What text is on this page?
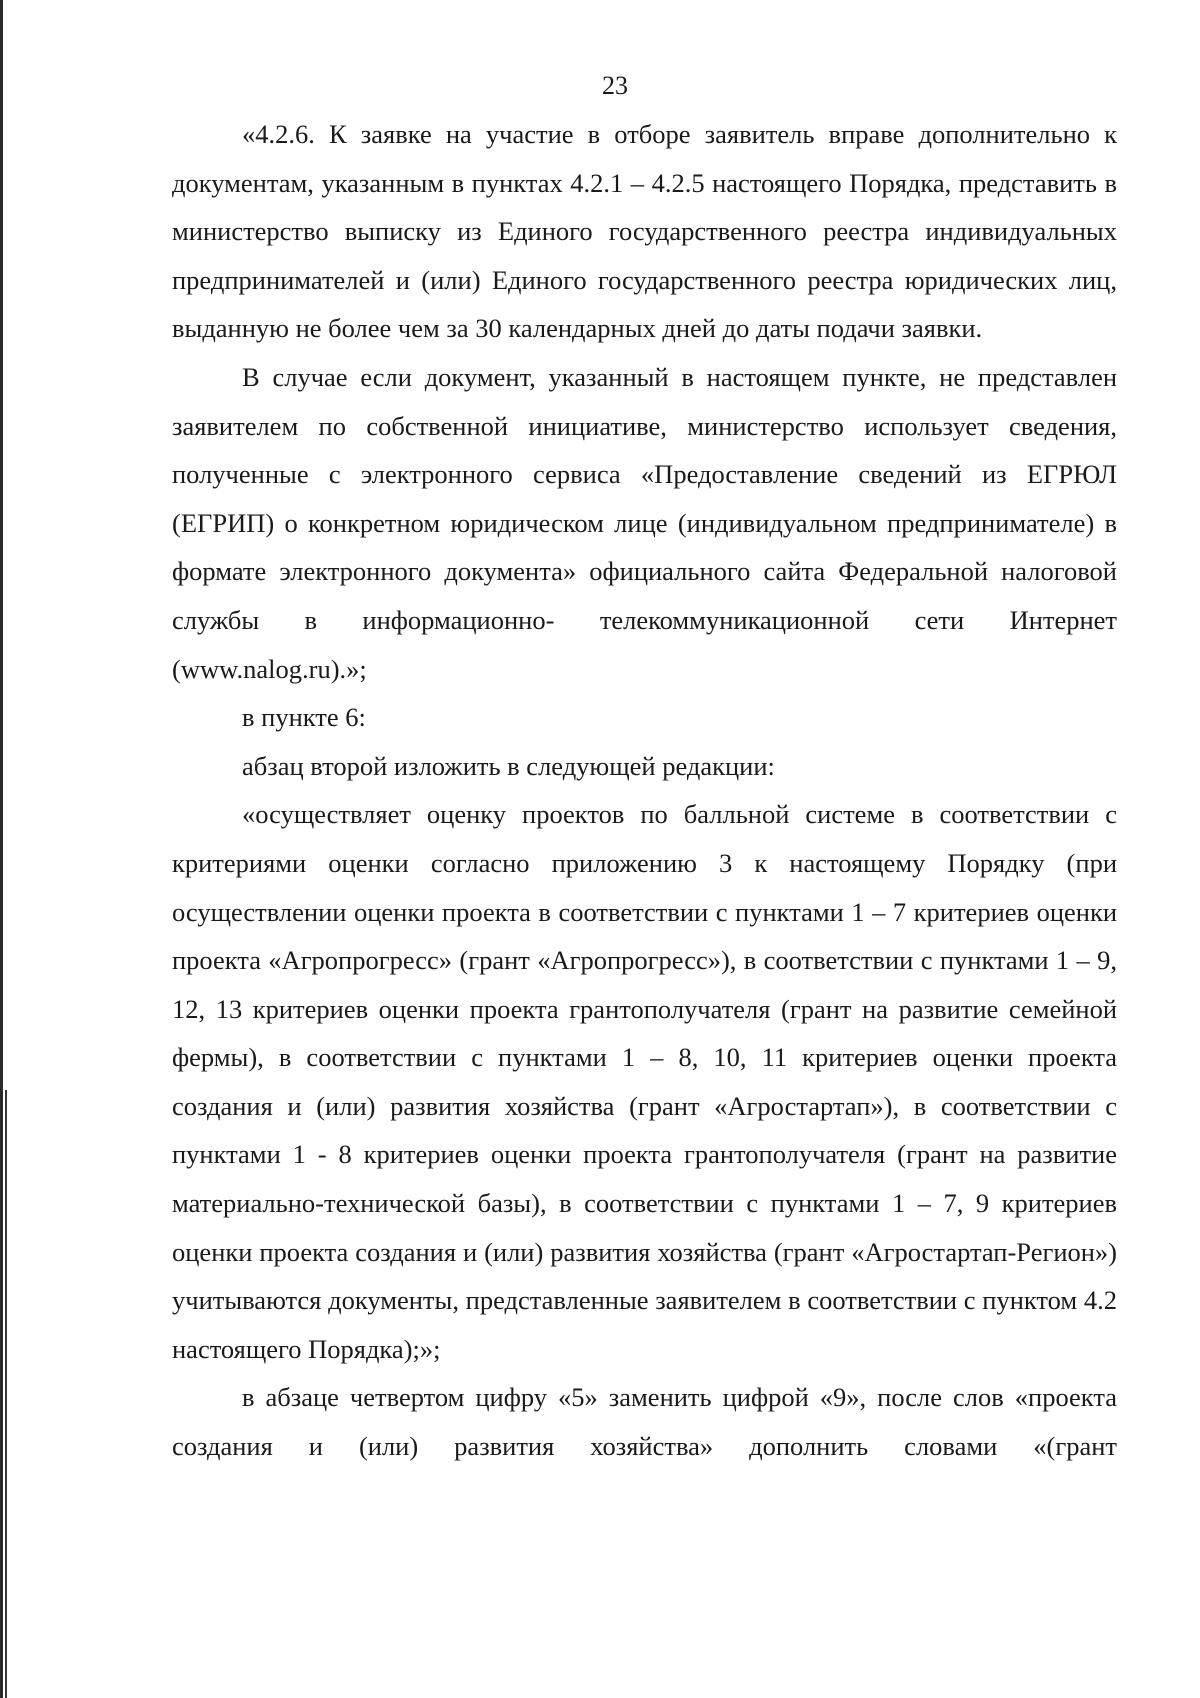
23

«4.2.6. К заявке на участие в отборе заявитель вправе дополнительно к документам, указанным в пунктах 4.2.1 – 4.2.5 настоящего Порядка, представить в министерство выписку из Единого государственного реестра индивидуальных предпринимателей и (или) Единого государственного реестра юридических лиц, выданную не более чем за 30 календарных дней до даты подачи заявки.

В случае если документ, указанный в настоящем пункте, не представлен заявителем по собственной инициативе, министерство использует сведения, полученные с электронного сервиса «Предоставление сведений из ЕГРЮЛ (ЕГРИП) о конкретном юридическом лице (индивидуальном предпринимателе) в формате электронного документа» официального сайта Федеральной налоговой службы в информационно- телекоммуникационной сети Интернет (www.nalog.ru).»;

в пункте 6:

абзац второй изложить в следующей редакции:

«осуществляет оценку проектов по балльной системе в соответствии с критериями оценки согласно приложению 3 к настоящему Порядку (при осуществлении оценки проекта в соответствии с пунктами 1 – 7 критериев оценки проекта «Агропрогресс» (грант «Агропрогресс»), в соответствии с пунктами 1 – 9, 12, 13 критериев оценки проекта грантополучателя (грант на развитие семейной фермы), в соответствии с пунктами 1 – 8, 10, 11 критериев оценки проекта создания и (или) развития хозяйства (грант «Агростартап»), в соответствии с пунктами 1 - 8 критериев оценки проекта грантополучателя (грант на развитие материально-технической базы), в соответствии с пунктами 1 – 7, 9 критериев оценки проекта создания и (или) развития хозяйства (грант «Агростартап-Регион») учитываются документы, представленные заявителем в соответствии с пунктом 4.2 настоящего Порядка);»;

в абзаце четвертом цифру «5» заменить цифрой «9», после слов «проекта создания и (или) развития хозяйства» дополнить словами «(грант
